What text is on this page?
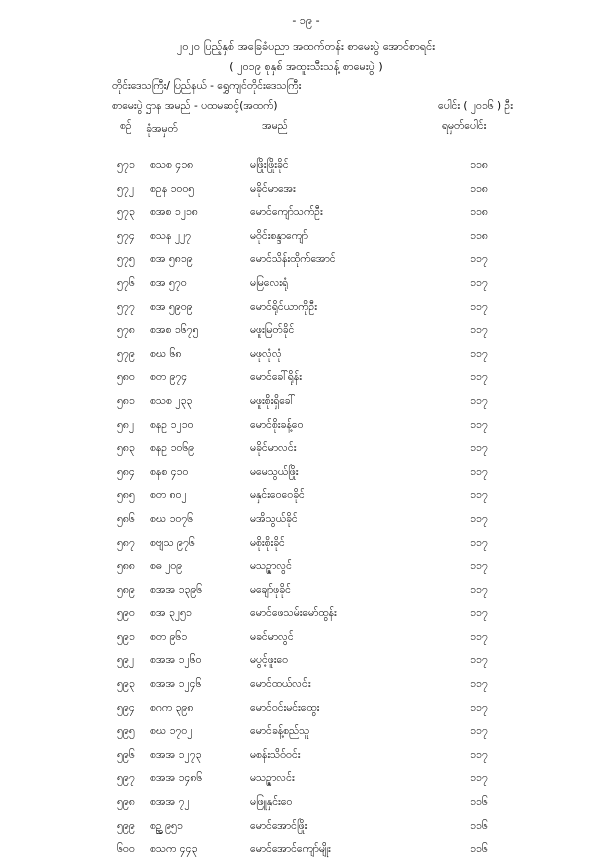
- ၁၉ -
၂၀၂၀ ပြည့်နှစ် အခြေခံပညာ အထက်တန်း စာမေးပွဲ အောင်စာရင်း
( ၂၀၁၉ စုနှစ် အထူးသီးသန့် စာမေးပွဲ )
တိုင်းဒေသကြီး/ ပြည်နယ် - ရွှေကျင်တိုင်းဒေသကြီး
စာမေးပွဲ ဌာန အမည် - ပထမဆင့်(အထက်)	ပေါင်း ( ၂၀၁၆ ) ဦး
စဉ် ခုံအမှတ်	အမည်	ရမှတ်ပေါင်း
၅၇၁ စသစ ၄၁၈	မဖြိုးဖြိုးခိုင်	၁၁၈
၅၇၂ စဥန ၁၀၀၅	မခိုင်မာအေး	၁၁၈
၅၇၃ စအစ ၁၂၁၈	မောင်ကျော်သက်ဦး	၁၁၈
၅၇၄ စသန ၂၂၇	မဝိုင်းစန္ဒာကျော်	၁၁၈
၅၇၅ စအ ၅၈၁၉	မောင်သိန်းထိုက်အောင်	၁၁၇
၅၇၆ စအ ၅၇၀	မမြလေးရုံ	၁၁၇
၅၇၇ စအ ၅၉၀၉	မောင်ရိုင်ယာကိုဦး	၁၁၇
၅၇၈ စအစ ၁၆၇၅	မဖူးမြတ်ခိုင်	၁၁၇
၅၇၉ စဃ ၆၈	မဖုလုံလုံ	၁၁၇
၅၈၀ စတ ၉၇၄	မောင်ခေါ်ရိုန်း	၁၁၇
၅၈၁ စသစ ၂၃၃	မဖူးစိုးရှိခေါ်	၁၁၇
၅၈၂ စနဥ ၁၂၁၀	မောင်စိုးခန့်ဝေ	၁၁၇
၅၈၃ စနဥ ၁၀၆၉	မခိုင်မာလင်း	၁၁၇
၅၈၄ စနစ ၄၁၀	မမေသွယ်ဖြိုး	၁၁၇
၅၈၅ စတ ၈၀၂	မနှင်းဝေဝေခိုင်	၁၁၇
၅၈၆ စဃ ၁၀၇၆	မအိသွယ်ခိုင်	၁၁၇
၅၈၇ စဗျသ ၉၇၆	မစိုးစိုးခိုင်	၁၁၇
၅၈၈ စဓ ၂၀၉	မသဉ္ဇာလွင်	၁၁၇
၅၈၉ စအအ ၁၃၉၆	မချော်ဖုခိုင်	၁၁၇
၅၉၀ စအ ၃၂၅၁	မောင်ဖေသမ်းမော်ထွန်း	၁၁၇
၅၉၁ စတ ၉၆၁	မခင်မာလွင်	၁၁၇
၅၉၂ စအအ ၁၂၆၀	မပွင့်ဖူးဝေ	၁၁၇
၅၉၃ စအအ ၁၂၄၆	မောင်ထယ်လင်း	၁၁၇
၅၉၄ စဂက ၃၉၈	မောင်ဝင်းမင်းထွေး	၁၁၇
၅၉၅ စဃ ၁၇၀၂	မောင်ခန့်စည်သူ	၁၁၇
၅၉၆ စအအ ၁၂၇၃	မစန်းသိဝ်ဝင်း	၁၁၇
၅၉၇ စအအ ၁၄၈၆	မသဉ္ဇာလင်း	၁၁၇
၅၉၈ စအအ ၇၂	မဖြူနှင်းဝေ	၁၁၆
၅၉၉ စဥ္အ ၉၅၁	မောင်အောင်ဖြိုး	၁၁၆
၆၀၀ စသက ၄၄၃	မောင်အောင်ကျော်မျိုး	၁၁၆
